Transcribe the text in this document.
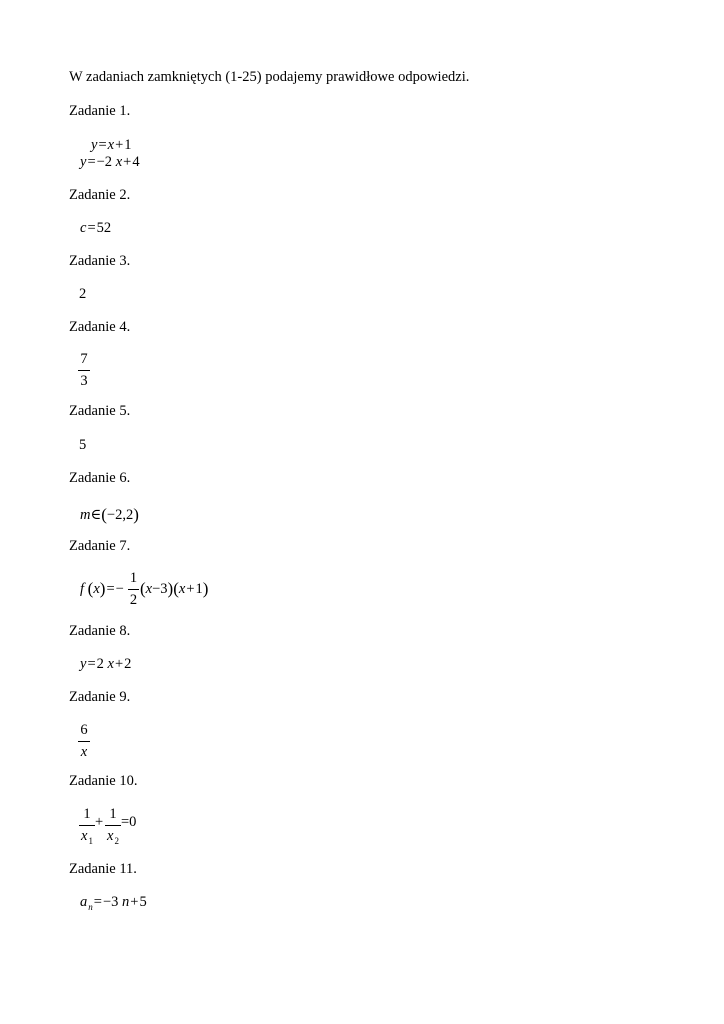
W zadaniach zamkniętych (1-25) podajemy prawidłowe odpowiedzi.
Zadanie 1.
y=x+1
y=−2 x+4
Zadanie 2.
c=52
Zadanie 3.
2
Zadanie 4.
7
3
Zadanie 5.
5
Zadanie 6.
m∈(−2,2)
Zadanie 7.
f (x)=−
1
2
(x−3)(x+1)
Zadanie 8.
y=2 x+2
Zadanie 9.
6
x
Zadanie 10.
1
$x_1$
+ 1
$x_2$
=0
Zadanie 11.
$a_n=-3$ n+5
